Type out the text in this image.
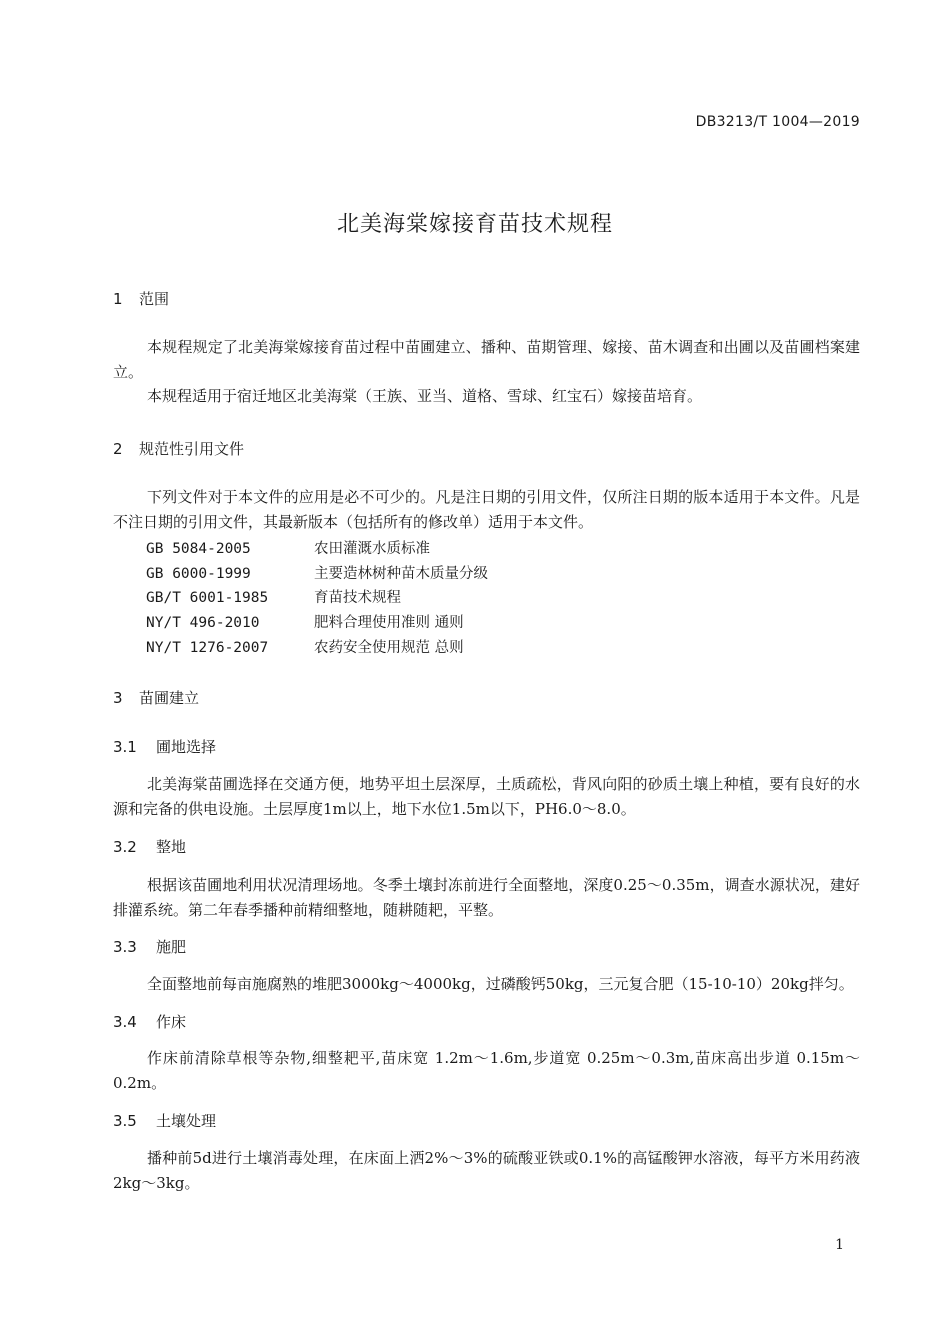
DB3213/T 1004—2019
北美海棠嫁接育苗技术规程
1 范围
本规程规定了北美海棠嫁接育苗过程中苗圃建立、播种、苗期管理、嫁接、苗木调查和出圃以及苗圃档案建立。
本规程适用于宿迁地区北美海棠（王族、亚当、道格、雪球、红宝石）嫁接苗培育。
2 规范性引用文件
下列文件对于本文件的应用是必不可少的。凡是注日期的引用文件，仅所注日期的版本适用于本文件。凡是不注日期的引用文件，其最新版本（包括所有的修改单）适用于本文件。
GB 5084-2005	农田灌溉水质标准
GB 6000-1999	主要造林树种苗木质量分级
GB/T 6001-1985	育苗技术规程
NY/T 496-2010	肥料合理使用准则 通则
NY/T 1276-2007	农药安全使用规范 总则
3 苗圃建立
3.1 圃地选择
北美海棠苗圃选择在交通方便，地势平坦土层深厚，土质疏松，背风向阳的砂质土壤上种植，要有良好的水源和完备的供电设施。土层厚度1m以上，地下水位1.5m以下，PH6.0～8.0。
3.2 整地
根据该苗圃地利用状况清理场地。冬季土壤封冻前进行全面整地，深度0.25～0.35m，调查水源状况，建好排灌系统。第二年春季播种前精细整地，随耕随耙，平整。
3.3 施肥
全面整地前每亩施腐熟的堆肥3000kg～4000kg，过磷酸钙50kg，三元复合肥（15-10-10）20kg拌匀。
3.4 作床
作床前清除草根等杂物,细整耙平,苗床宽 1.2m～1.6m,步道宽 0.25m～0.3m,苗床高出步道 0.15m～0.2m。
3.5 土壤处理
播种前5d进行土壤消毒处理，在床面上洒2%～3%的硫酸亚铁或0.1%的高锰酸钾水溶液，每平方米用药液2kg～3kg。
1
